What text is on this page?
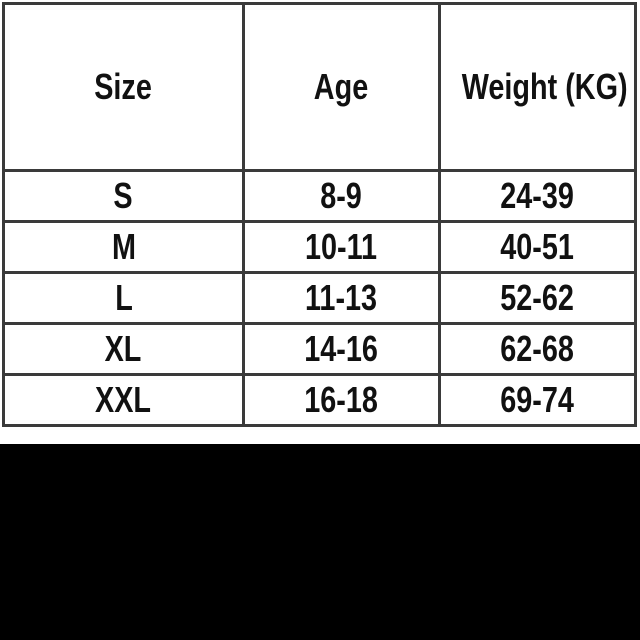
Size	Age	Weight (KG)
S	8-9	24-39
M	10-11	40-51
L	11-13	52-62
XL	14-16	62-68
XXL	16-18	69-74
